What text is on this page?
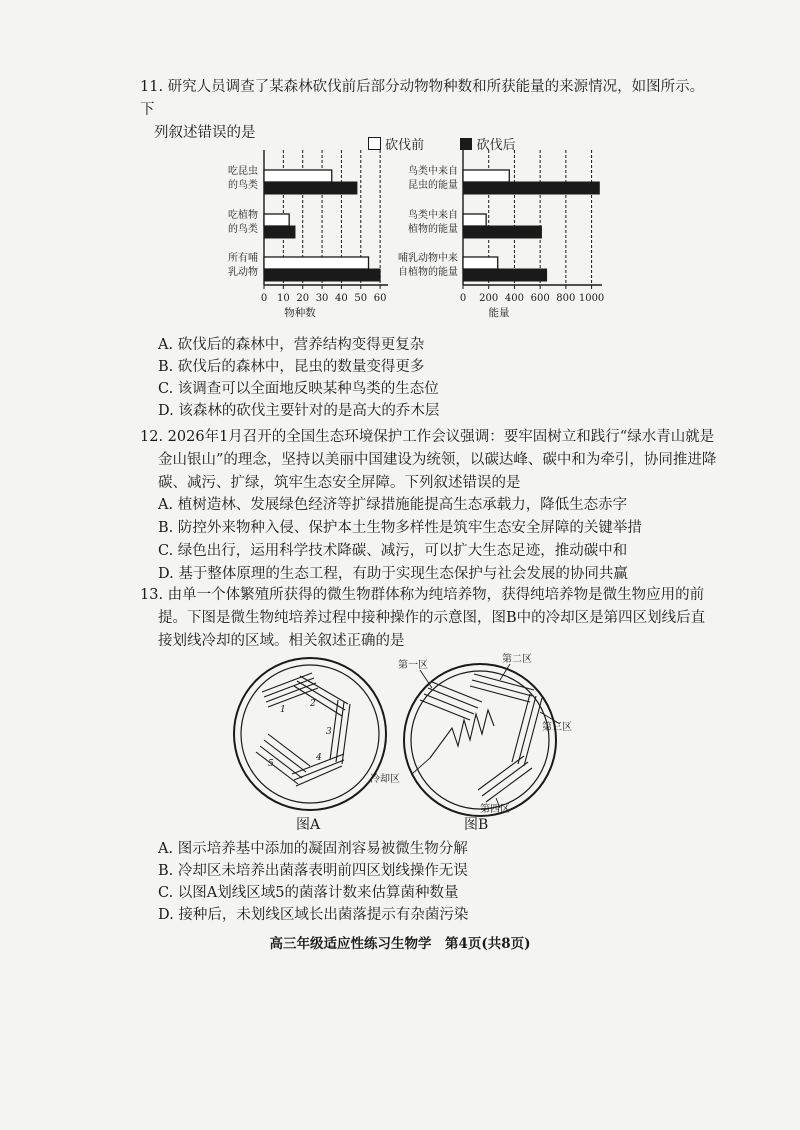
11. 研究人员调查了某森林砍伐前后部分动物物种数和所获能量的来源情况，如图所示。下

列叙述错误的是

砍伐前	砍伐后
0 10 20 30 40 50 60
物种数
吃昆虫
的鸟类
吃植物
的鸟类
所有哺
乳动物
0 200 400 600 800 1000
能量
鸟类中来自
昆虫的能量
鸟类中来自
植物的能量
哺乳动物中来
自植物的能量
A. 砍伐后的森林中，营养结构变得更复杂
B. 砍伐后的森林中，昆虫的数量变得更多
C. 该调查可以全面地反映某种鸟类的生态位
D. 该森林的砍伐主要针对的是高大的乔木层

12. 2026年1月召开的全国生态环境保护工作会议强调：要牢固树立和践行“绿水青山就是

金山银山”的理念，坚持以美丽中国建设为统领，以碳达峰、碳中和为牵引，协同推进降

碳、减污、扩绿，筑牢生态安全屏障。下列叙述错误的是

A. 植树造林、发展绿色经济等扩绿措施能提高生态承载力，降低生态赤字
B. 防控外来物种入侵、保护本土生物多样性是筑牢生态安全屏障的关键举措
C. 绿色出行，运用科学技术降碳、减污，可以扩大生态足迹，推动碳中和
D. 基于整体原理的生态工程，有助于实现生态保护与社会发展的协同共赢

13. 由单一个体繁殖所获得的微生物群体称为纯培养物，获得纯培养物是微生物应用的前

提。下图是微生物纯培养过程中接种操作的示意图，图B中的冷却区是第四区划线后直

接划线冷却的区域。相关叙述正确的是

1
2
3
4
5
第一区
第二区
第三区
第四区
冷却区
图A	图B
A. 图示培养基中添加的凝固剂容易被微生物分解
B. 冷却区未培养出菌落表明前四区划线操作无误
C. 以图A划线区域5的菌落计数来估算菌种数量
D. 接种后，未划线区域长出菌落提示有杂菌污染
高三年级适应性练习生物学　第4页(共8页)
